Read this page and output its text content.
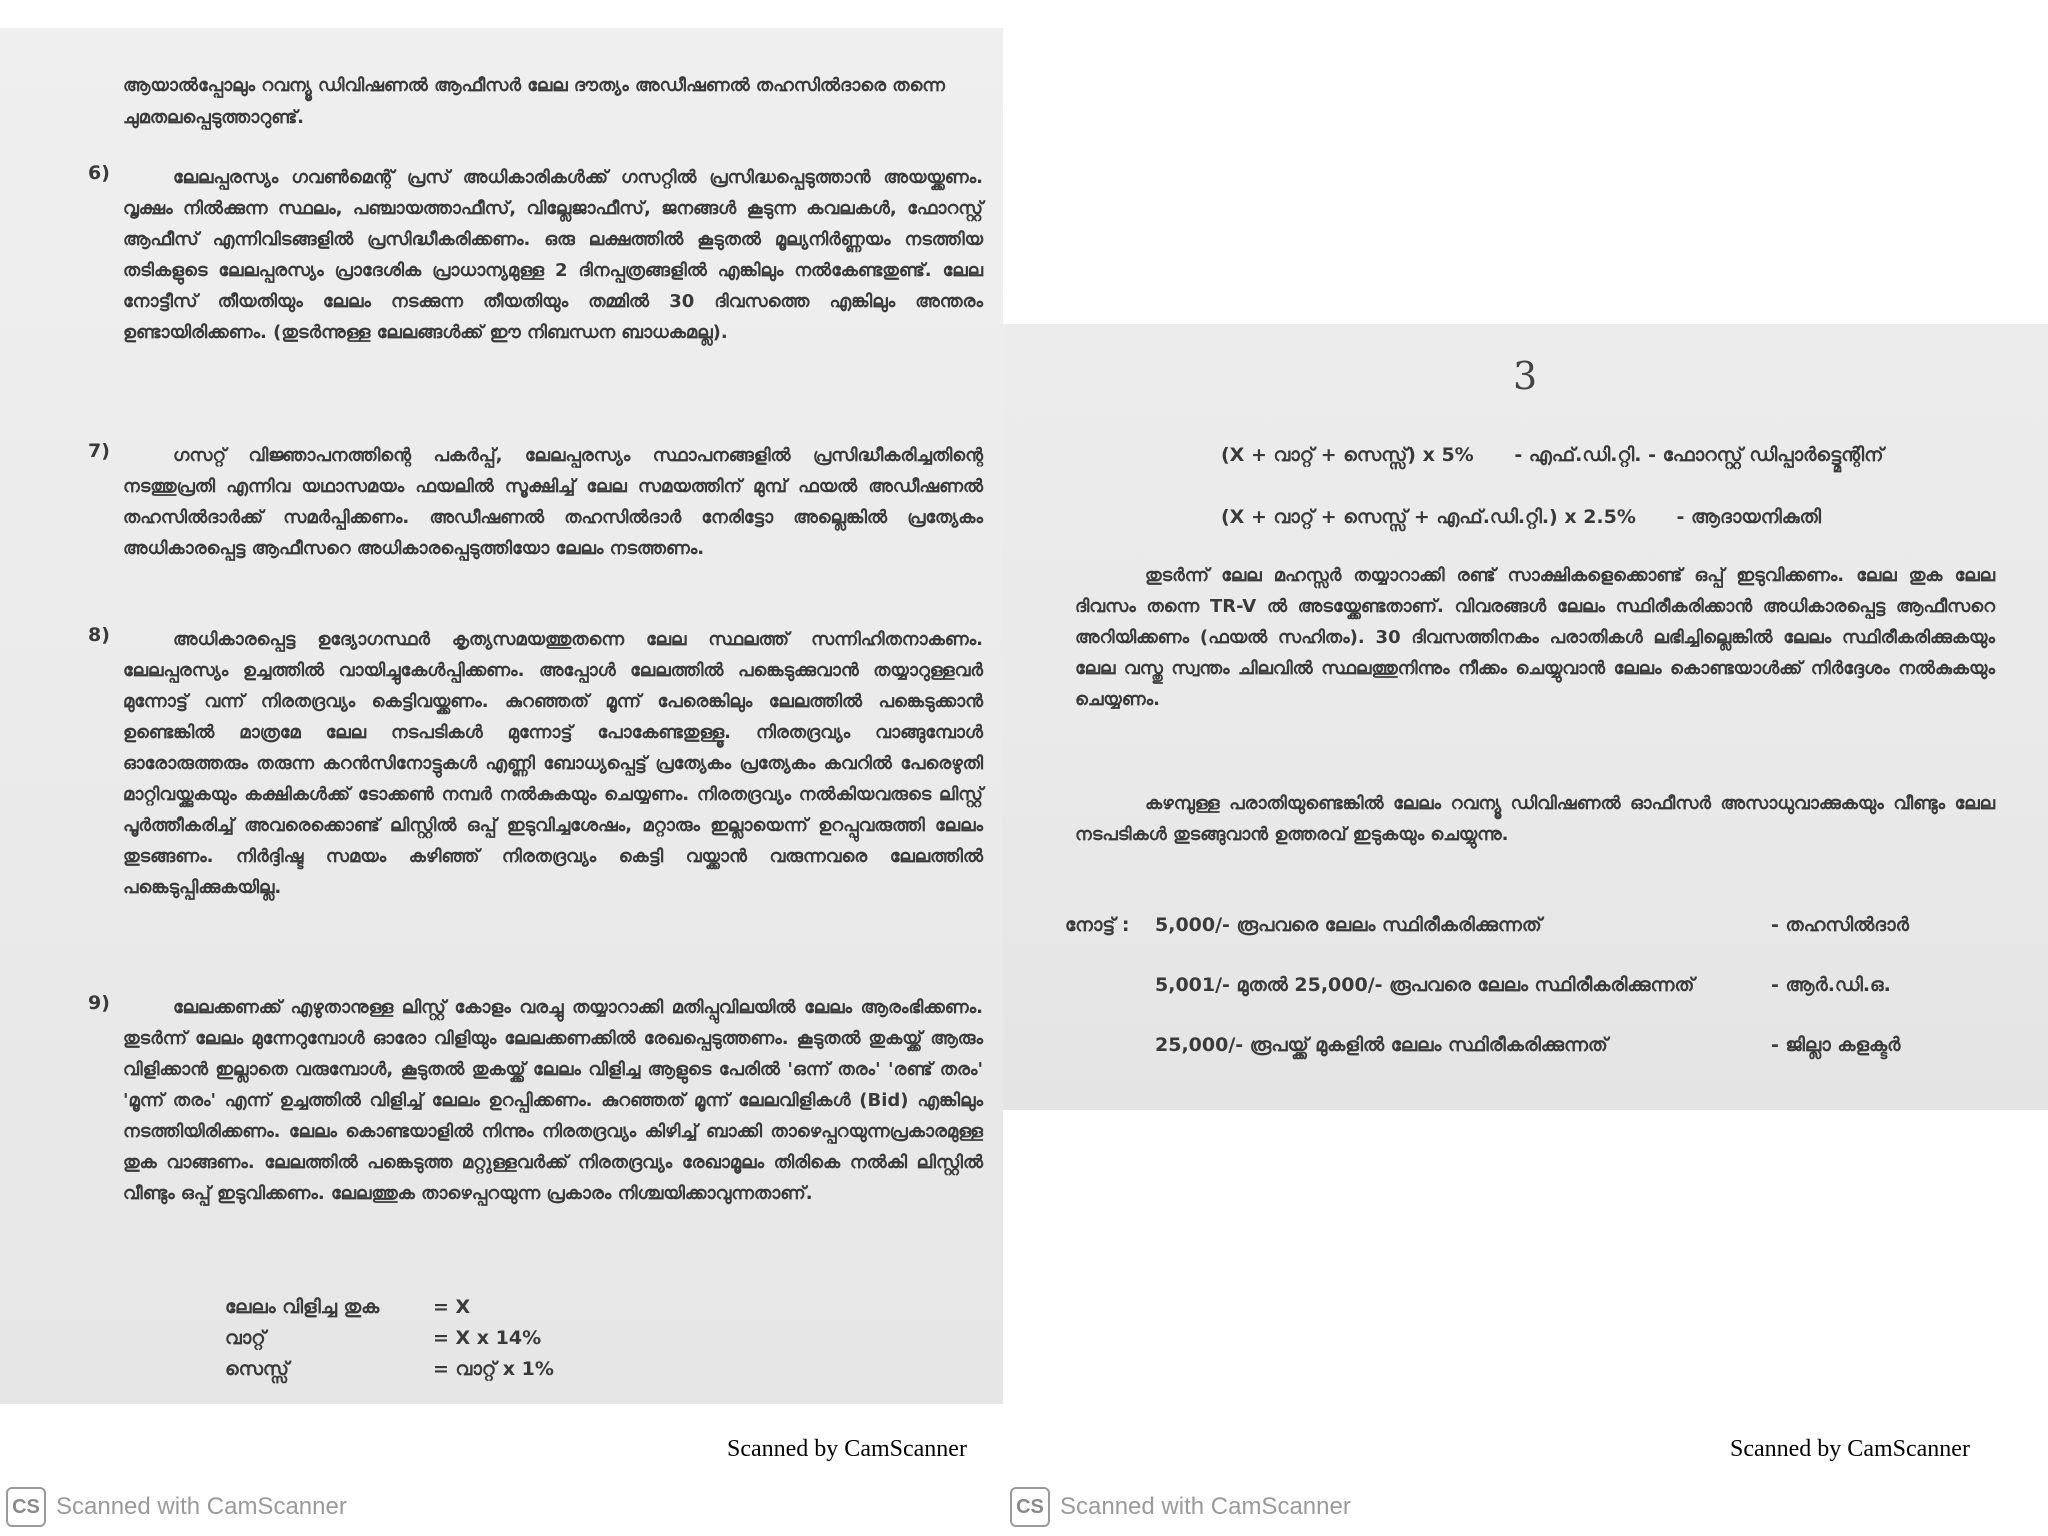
ആയാൽപ്പോലും റവന്യൂ ഡിവിഷണൽ ആഫീസർ ലേല ദൗത്യം അഡീഷണൽ തഹസിൽദാരെ തന്നെ ചുമതലപ്പെടുത്താറുണ്ട്.
6)	ലേലപ്പരസ്യം ഗവൺമെന്റ് പ്രസ് അധികാരികൾക്ക് ഗസറ്റിൽ പ്രസിദ്ധപ്പെടുത്താൻ അയയ്ക്കണം. വൃക്ഷം നിൽക്കുന്ന സ്ഥലം, പഞ്ചായത്താഫീസ്, വില്ലേജാഫീസ്, ജനങ്ങൾ കൂടുന്ന കവലകൾ, ഫോറസ്റ്റ് ആഫീസ് എന്നിവിടങ്ങളിൽ പ്രസിദ്ധീകരിക്കണം. ഒരു ലക്ഷത്തിൽ കൂടുതൽ മൂല്യനിർണ്ണയം നടത്തിയ തടികളുടെ ലേലപ്പരസ്യം പ്രാദേശിക പ്രാധാന്യമുള്ള 2 ദിനപ്പത്രങ്ങളിൽ എങ്കിലും നൽകേണ്ടതുണ്ട്. ലേല നോട്ടീസ് തീയതിയും ലേലം നടക്കുന്ന തീയതിയും തമ്മിൽ 30 ദിവസത്തെ എങ്കിലും അന്തരം ഉണ്ടായിരിക്കണം. (തുടർന്നുള്ള ലേലങ്ങൾക്ക് ഈ നിബന്ധന ബാധകമല്ല).
7)	ഗസറ്റ് വിജ്ഞാപനത്തിന്റെ പകർപ്പ്, ലേലപ്പരസ്യം സ്ഥാപനങ്ങളിൽ പ്രസിദ്ധീകരിച്ചതിന്റെ നടത്തുപ്രതി എന്നിവ യഥാസമയം ഫയലിൽ സൂക്ഷിച്ച് ലേല സമയത്തിന് മുമ്പ് ഫയൽ അഡീഷണൽ തഹസിൽദാർക്ക് സമർപ്പിക്കണം. അഡീഷണൽ തഹസിൽദാർ നേരിട്ടോ അല്ലെങ്കിൽ പ്രത്യേകം അധികാരപ്പെട്ട ആഫീസറെ അധികാരപ്പെടുത്തിയോ ലേലം നടത്തണം.
8)	അധികാരപ്പെട്ട ഉദ്യോഗസ്ഥർ കൃത്യസമയത്തുതന്നെ ലേല സ്ഥലത്ത് സന്നിഹിതനാകണം. ലേലപ്പരസ്യം ഉച്ചത്തിൽ വായിച്ചുകേൾപ്പിക്കണം. അപ്പോൾ ലേലത്തിൽ പങ്കെടുക്കുവാൻ തയ്യാറുള്ളവർ മുന്നോട്ട് വന്ന് നിരതദ്രവ്യം കെട്ടിവയ്ക്കണം. കുറഞ്ഞത് മൂന്ന് പേരെങ്കിലും ലേലത്തിൽ പങ്കെടുക്കാൻ ഉണ്ടെങ്കിൽ മാത്രമേ ലേല നടപടികൾ മുന്നോട്ട് പോകേണ്ടതുള്ളൂ. നിരതദ്രവ്യം വാങ്ങുമ്പോൾ ഓരോരുത്തരും തരുന്ന കറൻസിനോട്ടുകൾ എണ്ണി ബോധ്യപ്പെട്ട് പ്രത്യേകം പ്രത്യേകം കവറിൽ പേരെഴുതി മാറ്റിവയ്ക്കുകയും കക്ഷികൾക്ക് ടോക്കൺ നമ്പർ നൽകുകയും ചെയ്യണം. നിരതദ്രവ്യം നൽകിയവരുടെ ലിസ്റ്റ് പൂർത്തീകരിച്ച് അവരെക്കൊണ്ട് ലിസ്റ്റിൽ ഒപ്പ് ഇടുവിച്ചശേഷം, മറ്റാരും ഇല്ലായെന്ന് ഉറപ്പുവരുത്തി ലേലം തുടങ്ങണം. നിർദ്ദിഷ്ട സമയം കഴിഞ്ഞ് നിരതദ്രവ്യം കെട്ടി വയ്ക്കാൻ വരുന്നവരെ ലേലത്തിൽ പങ്കെടുപ്പിക്കുകയില്ല.
9)	ലേലക്കണക്ക് എഴുതാനുള്ള ലിസ്റ്റ് കോളം വരച്ചു തയ്യാറാക്കി മതിപ്പുവിലയിൽ ലേലം ആരംഭിക്കണം. തുടർന്ന് ലേലം മുന്നേറുമ്പോൾ ഓരോ വിളിയും ലേലക്കണക്കിൽ രേഖപ്പെടുത്തണം. കൂടുതൽ തുകയ്ക്ക് ആരും വിളിക്കാൻ ഇല്ലാതെ വരുമ്പോൾ, കൂടുതൽ തുകയ്ക്ക് ലേലം വിളിച്ച ആളുടെ പേരിൽ 'ഒന്ന് തരം' 'രണ്ട് തരം' 'മൂന്ന് തരം' എന്ന് ഉച്ചത്തിൽ വിളിച്ച് ലേലം ഉറപ്പിക്കണം. കുറഞ്ഞത് മൂന്ന് ലേലവിളികൾ (Bid) എങ്കിലും നടത്തിയിരിക്കണം. ലേലം കൊണ്ടയാളിൽ നിന്നും നിരതദ്രവ്യം കിഴിച്ച് ബാക്കി താഴെപ്പറയുന്നപ്രകാരമുള്ള തുക വാങ്ങണം. ലേലത്തിൽ പങ്കെടുത്ത മറ്റുള്ളവർക്ക് നിരതദ്രവ്യം രേഖാമൂലം തിരികെ നൽകി ലിസ്റ്റിൽ വീണ്ടും ഒപ്പ് ഇടുവിക്കണം. ലേലത്തുക താഴെപ്പറയുന്ന പ്രകാരം നിശ്ചയിക്കാവുന്നതാണ്.
ലേലം വിളിച്ച തുക	= X
വാറ്റ്	= X x 14%
സെസ്സ്	= വാറ്റ് x 1%
3
(X + വാറ്റ് + സെസ്സ്) x 5% - എഫ്.ഡി.റ്റി. - ഫോറസ്റ്റ് ഡിപ്പാർട്ട്മെന്റിന്
(X + വാറ്റ് + സെസ്സ് + എഫ്.ഡി.റ്റി.) x 2.5% - ആദായനികുതി
തുടർന്ന് ലേല മഹസ്സർ തയ്യാറാക്കി രണ്ട് സാക്ഷികളെക്കൊണ്ട് ഒപ്പ് ഇടുവിക്കണം. ലേല തുക ലേല ദിവസം തന്നെ TR-V ൽ അടയ്ക്കേണ്ടതാണ്. വിവരങ്ങൾ ലേലം സ്ഥിരീകരിക്കാൻ അധികാരപ്പെട്ട ആഫീസറെ അറിയിക്കണം (ഫയൽ സഹിതം). 30 ദിവസത്തിനകം പരാതികൾ ലഭിച്ചില്ലെങ്കിൽ ലേലം സ്ഥിരീകരിക്കുകയും ലേല വസ്തു സ്വന്തം ചിലവിൽ സ്ഥലത്തുനിന്നും നീക്കം ചെയ്യുവാൻ ലേലം കൊണ്ടയാൾക്ക് നിർദ്ദേശം നൽകുകയും ചെയ്യണം.
കഴമ്പുള്ള പരാതിയുണ്ടെങ്കിൽ ലേലം റവന്യൂ ഡിവിഷണൽ ഓഫീസർ അസാധുവാക്കുകയും വീണ്ടും ലേല നടപടികൾ തുടങ്ങുവാൻ ഉത്തരവ് ഇടുകയും ചെയ്യുന്നു.
നോട്ട് : 5,000/- രൂപവരെ ലേലം സ്ഥിരീകരിക്കുന്നത്	- തഹസിൽദാർ
5,001/- മുതൽ 25,000/- രൂപവരെ ലേലം സ്ഥിരീകരിക്കുന്നത്	- ആർ.ഡി.ഒ.
25,000/- രൂപയ്ക്ക് മുകളിൽ ലേലം സ്ഥിരീകരിക്കുന്നത്	- ജില്ലാ കളക്ടർ
Scanned by CamScanner	Scanned by CamScanner
CS Scanned with CamScanner	CS Scanned with CamScanner
